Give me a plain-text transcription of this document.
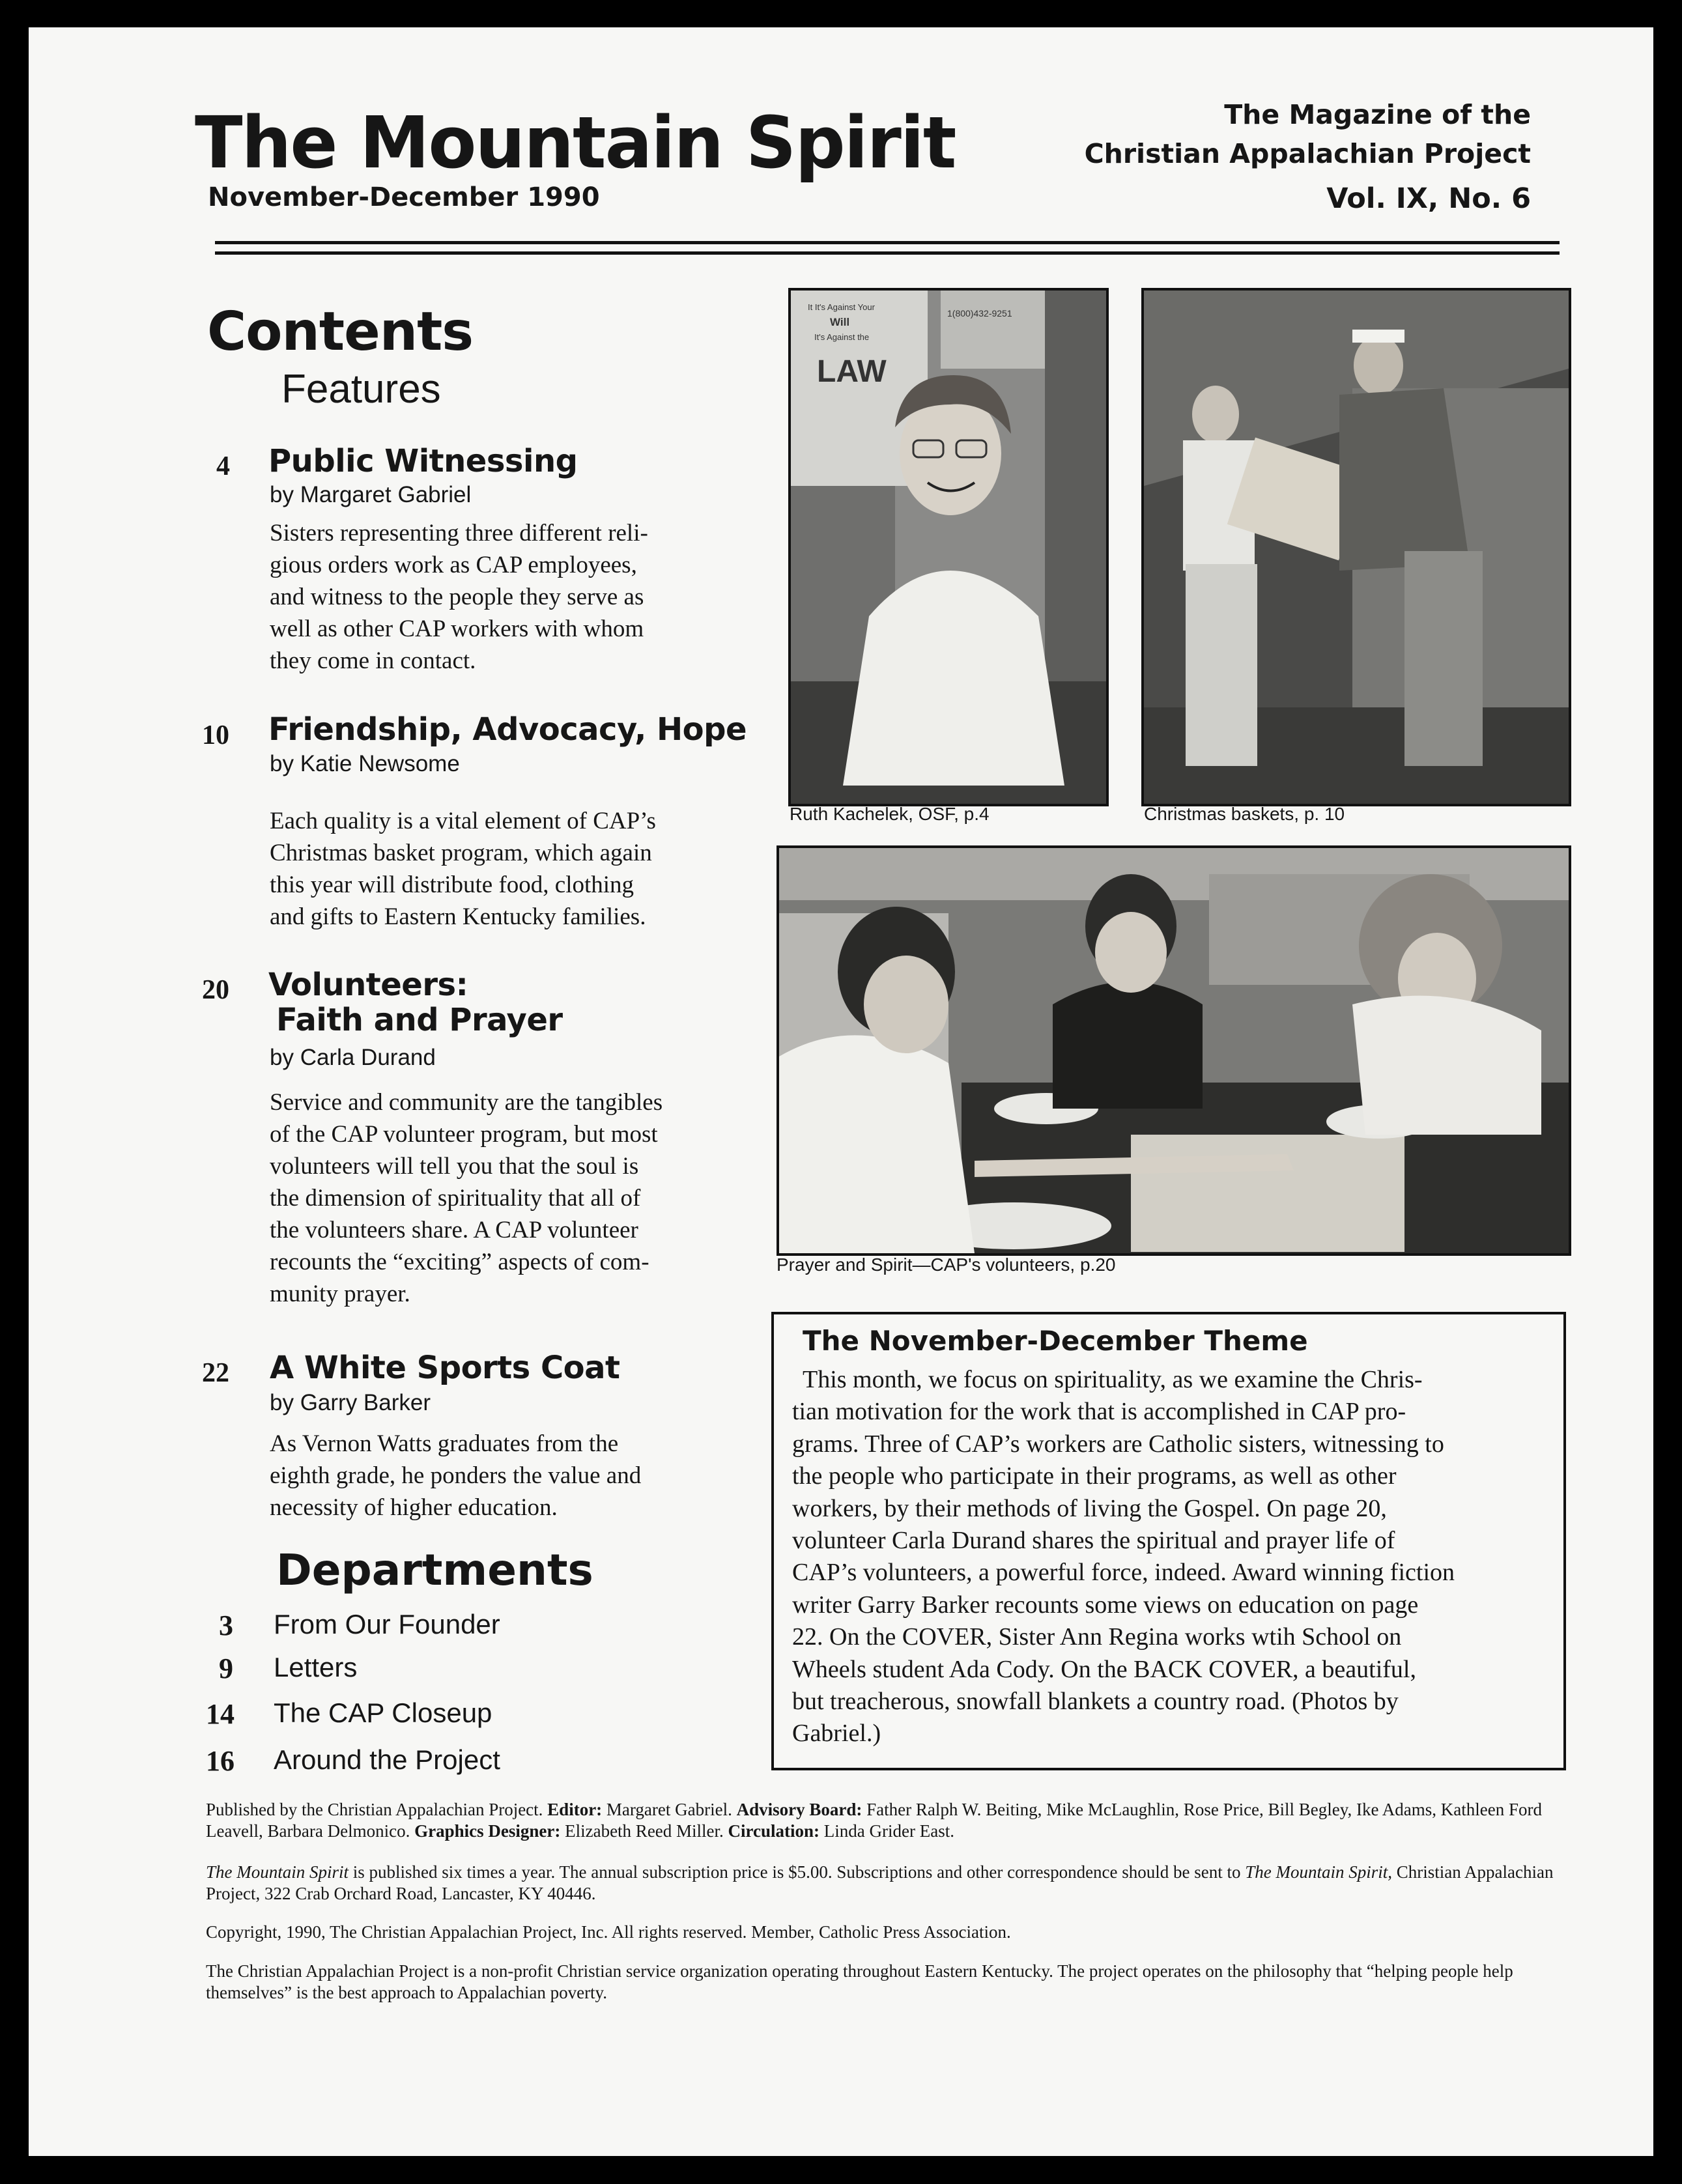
The Mountain Spirit
November-December 1990
The Magazine of the
Christian Appalachian Project
Vol. IX, No. 6
Contents
Features
4 Public Witnessing
by Margaret Gabriel
Sisters representing three different reli-
gious orders work as CAP employees,
and witness to the people they serve as
well as other CAP workers with whom
they come in contact.
10 Friendship, Advocacy, Hope
by Katie Newsome
Each quality is a vital element of CAP’s
Christmas basket program, which again
this year will distribute food, clothing
and gifts to Eastern Kentucky families.
20 Volunteers:
Faith and Prayer
by Carla Durand
Service and community are the tangibles
of the CAP volunteer program, but most
volunteers will tell you that the soul is
the dimension of spirituality that all of
the volunteers share. A CAP volunteer
recounts the “exciting” aspects of com-
munity prayer.
22 A White Sports Coat
by Garry Barker
As Vernon Watts graduates from the
eighth grade, he ponders the value and
necessity of higher education.
Departments
3 From Our Founder
9 Letters
14 The CAP Closeup
16 Around the Project
It It's Against Your
Will
It's Against the
LAW
1(800)432-9251
Ruth Kachelek, OSF, p.4	Christmas baskets, p. 10
Prayer and Spirit—CAP's volunteers, p.20
The November-December Theme
This month, we focus on spirituality, as we examine the Chris-
tian motivation for the work that is accomplished in CAP pro-
grams. Three of CAP’s workers are Catholic sisters, witnessing to
the people who participate in their programs, as well as other
workers, by their methods of living the Gospel. On page 20,
volunteer Carla Durand shares the spiritual and prayer life of
CAP’s volunteers, a powerful force, indeed. Award winning fiction
writer Garry Barker recounts some views on education on page
22. On the COVER, Sister Ann Regina works wtih School on
Wheels student Ada Cody. On the BACK COVER, a beautiful,
but treacherous, snowfall blankets a country road. (Photos by
Gabriel.)
Published by the Christian Appalachian Project. Editor: Margaret Gabriel. Advisory Board: Father Ralph W. Beiting, Mike McLaughlin, Rose Price, Bill Begley, Ike Adams, Kathleen Ford Leavell, Barbara Delmonico. Graphics Designer: Elizabeth Reed Miller. Circulation: Linda Grider East.
The Mountain Spirit is published six times a year. The annual subscription price is $5.00. Subscriptions and other correspondence should be sent to The Mountain Spirit, Christian Appalachian Project, 322 Crab Orchard Road, Lancaster, KY 40446.
Copyright, 1990, The Christian Appalachian Project, Inc. All rights reserved. Member, Catholic Press Association.
The Christian Appalachian Project is a non-profit Christian service organization operating throughout Eastern Kentucky. The project operates on the philosophy that “helping people help themselves” is the best approach to Appalachian poverty.
